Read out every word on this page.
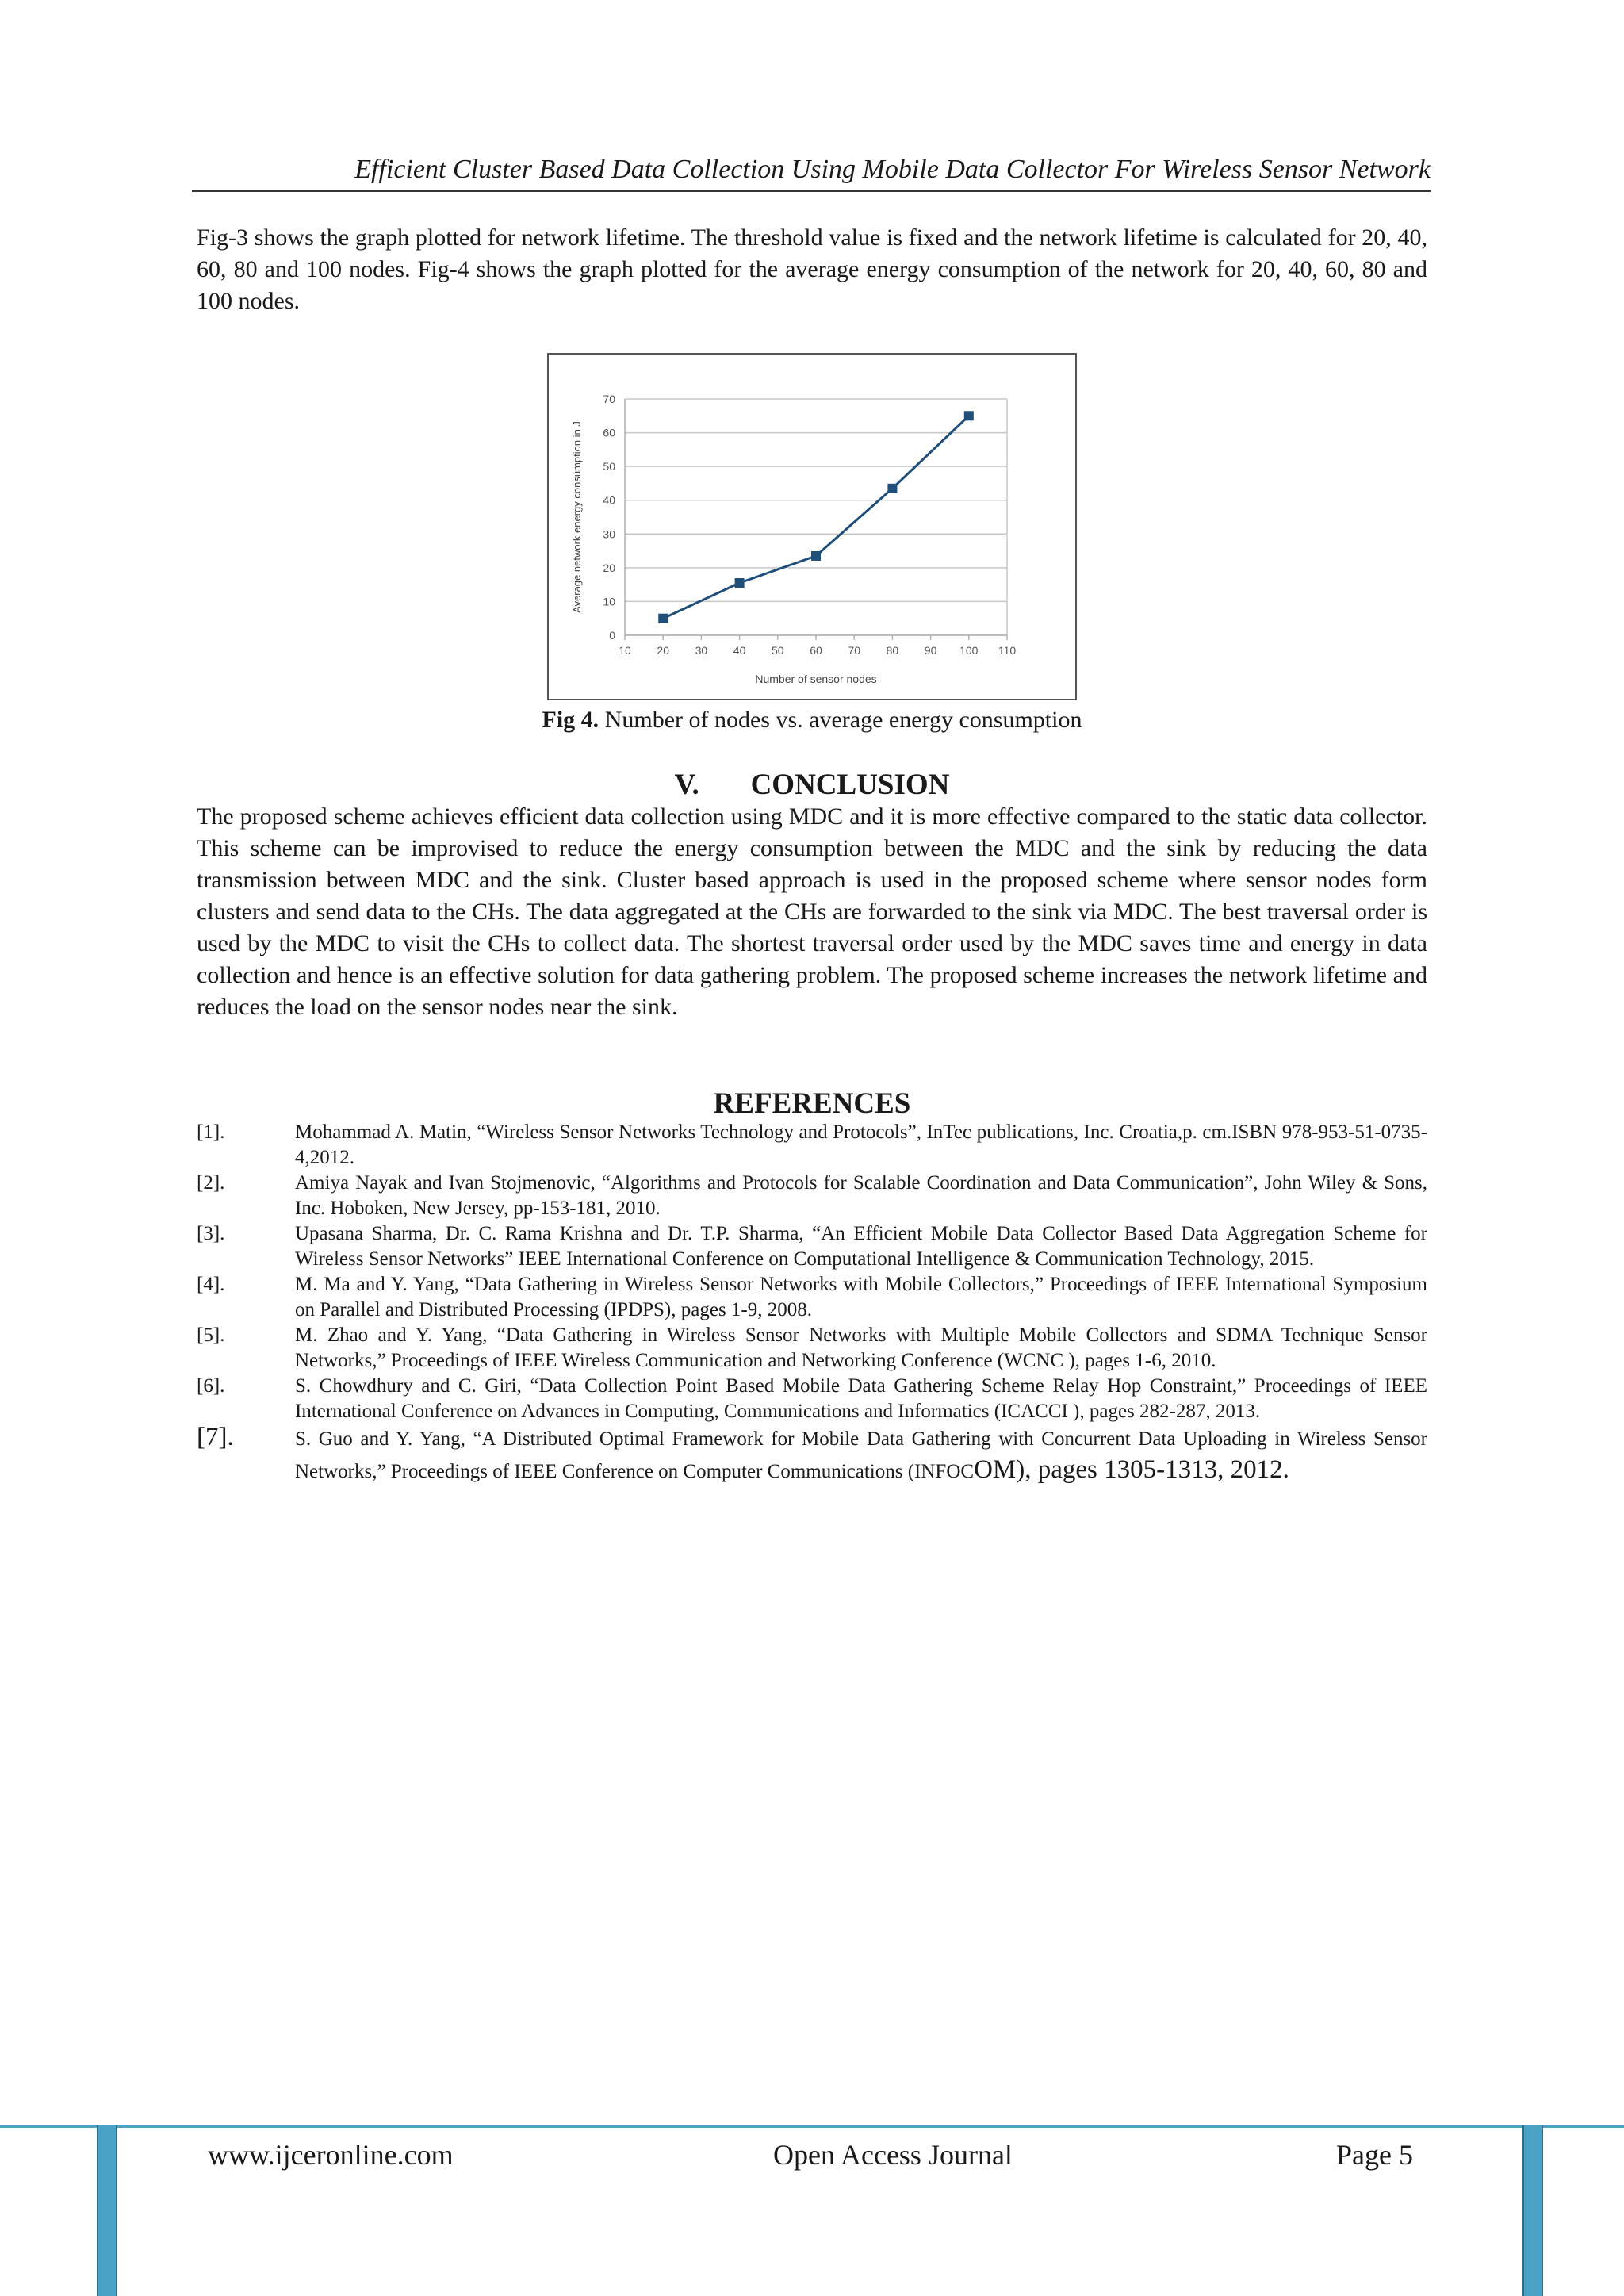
Efficient Cluster Based Data Collection Using Mobile Data Collector For Wireless Sensor Network

Fig-3 shows the graph plotted for network lifetime. The threshold value is fixed and the network lifetime is calculated for 20, 40, 60, 80 and 100 nodes. Fig-4 shows the graph plotted for the average energy consumption of the network for 20, 40, 60, 80 and 100 nodes.

0
10
20
30
40
50
60
70
10 20 30 40 50 60 70 80 90 100 110
Number of sensor nodes
Average network energy consumption in J
Fig 4. Number of nodes vs. average energy consumption
V. CONCLUSION

The proposed scheme achieves efficient data collection using MDC and it is more effective compared to the static data collector. This scheme can be improvised to reduce the energy consumption between the MDC and the sink by reducing the data transmission between MDC and the sink. Cluster based approach is used in the proposed scheme where sensor nodes form clusters and send data to the CHs. The data aggregated at the CHs are forwarded to the sink via MDC. The best traversal order is used by the MDC to visit the CHs to collect data. The shortest traversal order used by the MDC saves time and energy in data collection and hence is an effective solution for data gathering problem. The proposed scheme increases the network lifetime and reduces the load on the sensor nodes near the sink.

REFERENCES
[1].	Mohammad A. Matin, “Wireless Sensor Networks Technology and Protocols”, InTec publications, Inc. Croatia,p. cm.ISBN 978-953-51-0735-4,2012.
[2].	Amiya Nayak and Ivan Stojmenovic, “Algorithms and Protocols for Scalable Coordination and Data Communication”, John Wiley & Sons, Inc. Hoboken, New Jersey, pp-153-181, 2010.
[3].	Upasana Sharma, Dr. C. Rama Krishna and Dr. T.P. Sharma, “An Efficient Mobile Data Collector Based Data Aggregation Scheme for Wireless Sensor Networks” IEEE International Conference on Computational Intelligence & Communication Technology, 2015.
[4].	M. Ma and Y. Yang, “Data Gathering in Wireless Sensor Networks with Mobile Collectors,” Proceedings of IEEE International Symposium on Parallel and Distributed Processing (IPDPS), pages 1-9, 2008.
[5].	M. Zhao and Y. Yang, “Data Gathering in Wireless Sensor Networks with Multiple Mobile Collectors and SDMA Technique Sensor Networks,” Proceedings of IEEE Wireless Communication and Networking Conference (WCNC ), pages 1-6, 2010.
[6].	S. Chowdhury and C. Giri, “Data Collection Point Based Mobile Data Gathering Scheme Relay Hop Constraint,” Proceedings of IEEE International Conference on Advances in Computing, Communications and Informatics (ICACCI ), pages 282-287, 2013.
[7].	S. Guo and Y. Yang, “A Distributed Optimal Framework for Mobile Data Gathering with Concurrent Data Uploading in Wireless Sensor Networks,” Proceedings of IEEE Conference on Computer Communications (INFOCOM), pages 1305-1313, 2012.
www.ijceronline.com	Open Access Journal	Page 5
